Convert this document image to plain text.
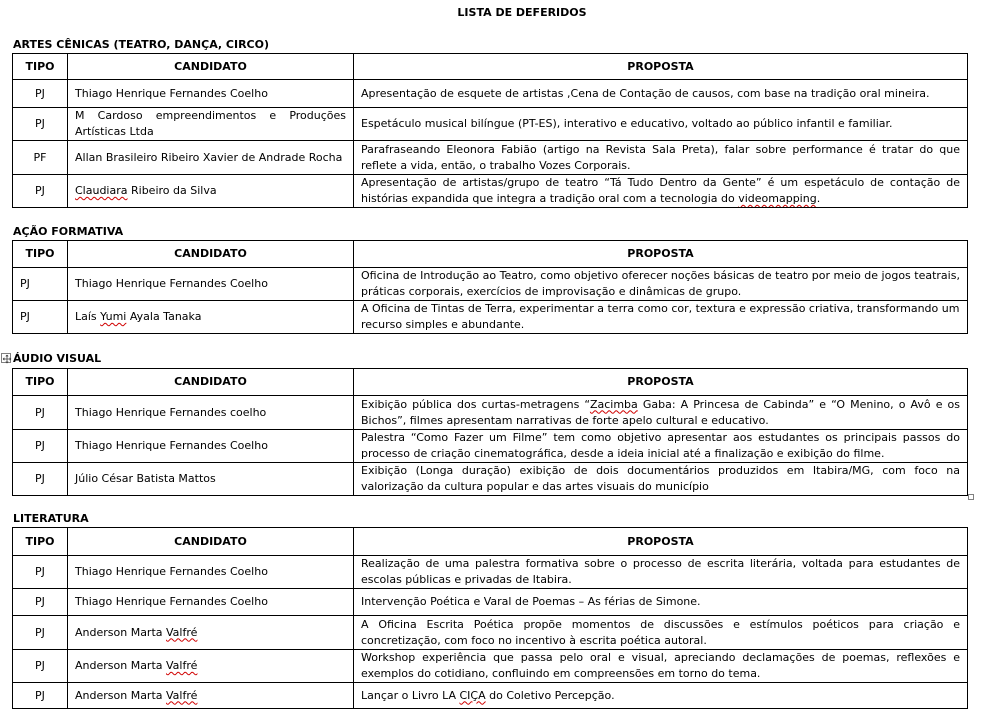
LISTA DE DEFERIDOS
ARTES CÊNICAS (TEATRO, DANÇA, CIRCO)
TIPO	CANDIDATO	PROPOSTA
PJ	Thiago Henrique Fernandes Coelho	Apresentação de esquete de artistas ,Cena de Contação de causos, com base na tradição oral mineira.
PJ	M Cardoso empreendimentos e Produções Artísticas Ltda	Espetáculo musical bilíngue (PT-ES), interativo e educativo, voltado ao público infantil e familiar.
PF	Allan Brasileiro Ribeiro Xavier de Andrade Rocha	Parafraseando Eleonora Fabião (artigo na Revista Sala Preta), falar sobre performance é tratar do que reflete a vida, então, o trabalho Vozes Corporais.
PJ	Claudiara Ribeiro da Silva	Apresentação de artistas/grupo de teatro “Tá Tudo Dentro da Gente” é um espetáculo de contação de histórias expandida que integra a tradição oral com a tecnologia do videomapping.
AÇÃO FORMATIVA
TIPO	CANDIDATO	PROPOSTA
PJ	Thiago Henrique Fernandes Coelho	Oficina de Introdução ao Teatro, como objetivo oferecer noções básicas de teatro por meio de jogos teatrais, práticas corporais, exercícios de improvisação e dinâmicas de grupo.
PJ	Laís Yumi Ayala Tanaka	A Oficina de Tintas de Terra, experimentar a terra como cor, textura e expressão criativa, transformando um recurso simples e abundante.
ÁUDIO VISUAL
TIPO	CANDIDATO	PROPOSTA
PJ	Thiago Henrique Fernandes coelho	Exibição pública dos curtas-metragens “Zacimba Gaba: A Princesa de Cabinda” e “O Menino, o Avô e os Bichos”, filmes apresentam narrativas de forte apelo cultural e educativo.
PJ	Thiago Henrique Fernandes Coelho	Palestra “Como Fazer um Filme” tem como objetivo apresentar aos estudantes os principais passos do processo de criação cinematográfica, desde a ideia inicial até a finalização e exibição do filme.
PJ	Júlio César Batista Mattos	Exibição (Longa duração) exibição de dois documentários produzidos em Itabira/MG, com foco na valorização da cultura popular e das artes visuais do município
LITERATURA
TIPO	CANDIDATO	PROPOSTA
PJ	Thiago Henrique Fernandes Coelho	Realização de uma palestra formativa sobre o processo de escrita literária, voltada para estudantes de escolas públicas e privadas de Itabira.
PJ	Thiago Henrique Fernandes Coelho	Intervenção Poética e Varal de Poemas – As férias de Simone.
PJ	Anderson Marta Valfré	A Oficina Escrita Poética propõe momentos de discussões e estímulos poéticos para criação e concretização, com foco no incentivo à escrita poética autoral.
PJ	Anderson Marta Valfré	Workshop experiência que passa pelo oral e visual, apreciando declamações de poemas, reflexões e exemplos do cotidiano, confluindo em compreensões em torno do tema.
PJ	Anderson Marta Valfré	Lançar o Livro LA CIÇA do Coletivo Percepção.
